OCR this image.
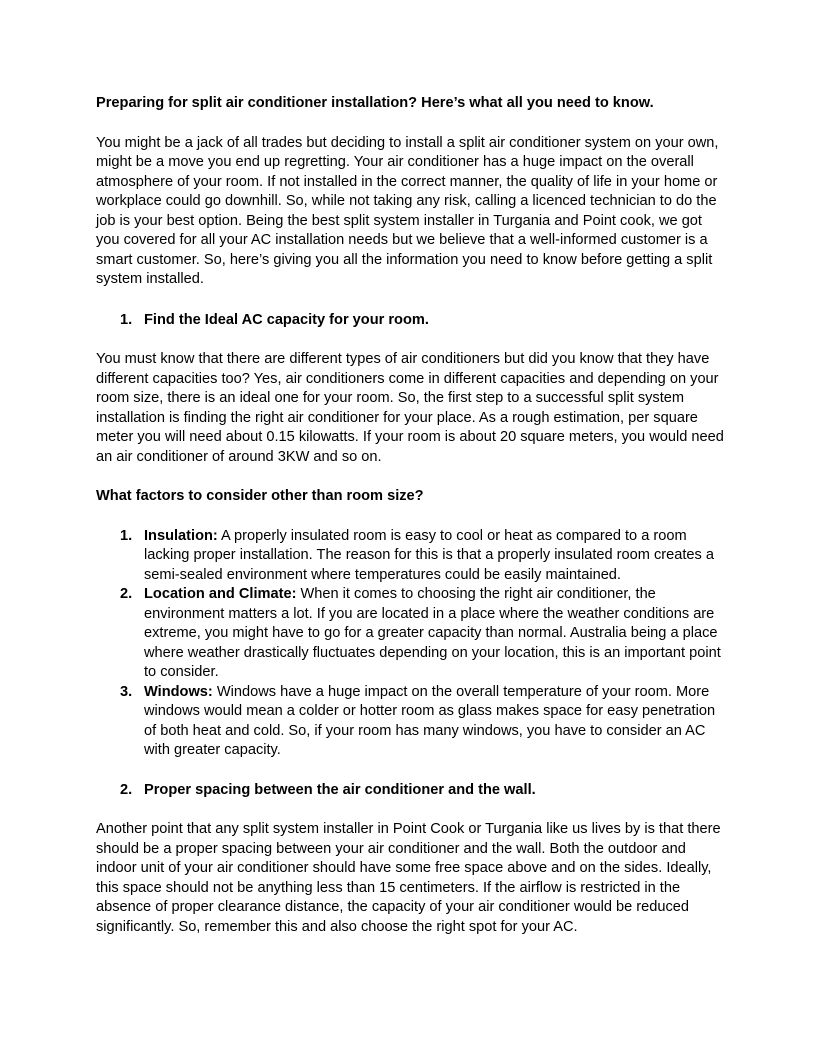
Preparing for split air conditioner installation? Here’s what all you need to know.

You might be a jack of all trades but deciding to install a split air conditioner system on your own, might be a move you end up regretting. Your air conditioner has a huge impact on the overall atmosphere of your room. If not installed in the correct manner, the quality of life in your home or workplace could go downhill. So, while not taking any risk, calling a licenced technician to do the job is your best option. Being the best split system installer in Turgania and Point cook, we got you covered for all your AC installation needs but we believe that a well-informed customer is a smart customer. So, here’s giving you all the information you need to know before getting a split system installed.

1. Find the Ideal AC capacity for your room.

You must know that there are different types of air conditioners but did you know that they have different capacities too? Yes, air conditioners come in different capacities and depending on your room size, there is an ideal one for your room. So, the first step to a successful split system installation is finding the right air conditioner for your place. As a rough estimation, per square meter you will need about 0.15 kilowatts. If your room is about 20 square meters, you would need an air conditioner of around 3KW and so on.

What factors to consider other than room size?

1. Insulation: A properly insulated room is easy to cool or heat as compared to a room lacking proper installation. The reason for this is that a properly insulated room creates a semi-sealed environment where temperatures could be easily maintained.
2. Location and Climate: When it comes to choosing the right air conditioner, the environment matters a lot. If you are located in a place where the weather conditions are extreme, you might have to go for a greater capacity than normal. Australia being a place where weather drastically fluctuates depending on your location, this is an important point to consider.
3. Windows: Windows have a huge impact on the overall temperature of your room. More windows would mean a colder or hotter room as glass makes space for easy penetration of both heat and cold. So, if your room has many windows, you have to consider an AC with greater capacity.
2. Proper spacing between the air conditioner and the wall.

Another point that any split system installer in Point Cook or Turgania like us lives by is that there should be a proper spacing between your air conditioner and the wall. Both the outdoor and indoor unit of your air conditioner should have some free space above and on the sides. Ideally, this space should not be anything less than 15 centimeters. If the airflow is restricted in the absence of proper clearance distance, the capacity of your air conditioner would be reduced significantly. So, remember this and also choose the right spot for your AC.
